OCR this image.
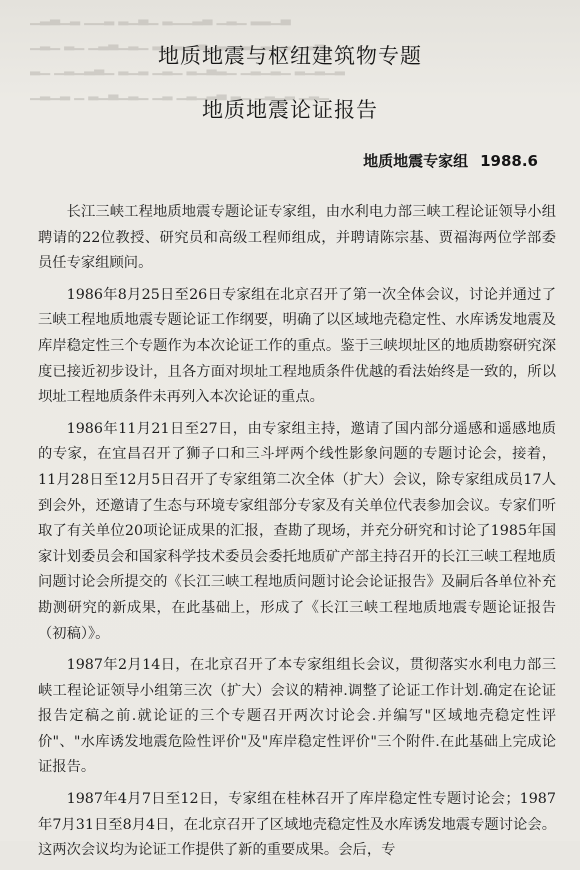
▁▂▃▁▂ ▁▁▂ ▂▁▃▁ ▂▁▁▂▃ ▁▂▁ ▂▂▁▃
▁▂▁ ▂▁ ▁▂▃▁▂▁ ▂▁▂▁ ▃▁▂ ▁▂▁▂▁▂ ▁▂▃
▂▁ ▁▂▁▂▃▁ ▂▁▂ ▁▂▁ ▂▁▃▂▁ ▁▂▁▂▁ ▂▁▂▁▂
▁▂▁▂ ▁ ▂▁▃▁▂▁ ▁▂ ▁▂▁▂▃ ▂▁ ▁▂▁▂ ▁▂▁
地质地震与枢纽建筑物专题
地质地震论证报告
地质地震专家组 1988.6

长江三峡工程地质地震专题论证专家组，由水利电力部三峡工程论证领导小组聘请的22位教授、研究员和高级工程师组成，并聘请陈宗基、贾福海两位学部委员任专家组顾问。

1986年8月25日至26日专家组在北京召开了第一次全体会议，讨论并通过了三峡工程地质地震专题论证工作纲要，明确了以区域地壳稳定性、水库诱发地震及库岸稳定性三个专题作为本次论证工作的重点。鉴于三峡坝址区的地质勘察研究深度已接近初步设计，且各方面对坝址工程地质条件优越的看法始终是一致的，所以坝址工程地质条件未再列入本次论证的重点。

1986年11月21日至27日，由专家组主持，邀请了国内部分遥感和遥感地质的专家，在宜昌召开了狮子口和三斗坪两个线性影象问题的专题讨论会，接着，11月28日至12月5日召开了专家组第二次全体（扩大）会议，除专家组成员17人到会外，还邀请了生态与环境专家组部分专家及有关单位代表参加会议。专家们听取了有关单位20项论证成果的汇报，查勘了现场，并充分研究和讨论了1985年国家计划委员会和国家科学技术委员会委托地质矿产部主持召开的长江三峡工程地质问题讨论会所提交的《长江三峡工程地质问题讨论会论证报告》及嗣后各单位补充勘测研究的新成果，在此基础上，形成了《长江三峡工程地质地震专题论证报告（初稿）》。

1987年2月14日，在北京召开了本专家组组长会议，贯彻落实水利电力部三峡工程论证领导小组第三次（扩大）会议的精神.调整了论证工作计划.确定在论证报告定稿之前.就论证的三个专题召开两次讨论会.并编写"区域地壳稳定性评价"、"水库诱发地震危险性评价"及"库岸稳定性评价"三个附件.在此基础上完成论证报告。

1987年4月7日至12日，专家组在桂林召开了库岸稳定性专题讨论会；1987年7月31日至8月4日，在北京召开了区域地壳稳定性及水库诱发地震专题讨论会。这两次会议均为论证工作提供了新的重要成果。会后，专
